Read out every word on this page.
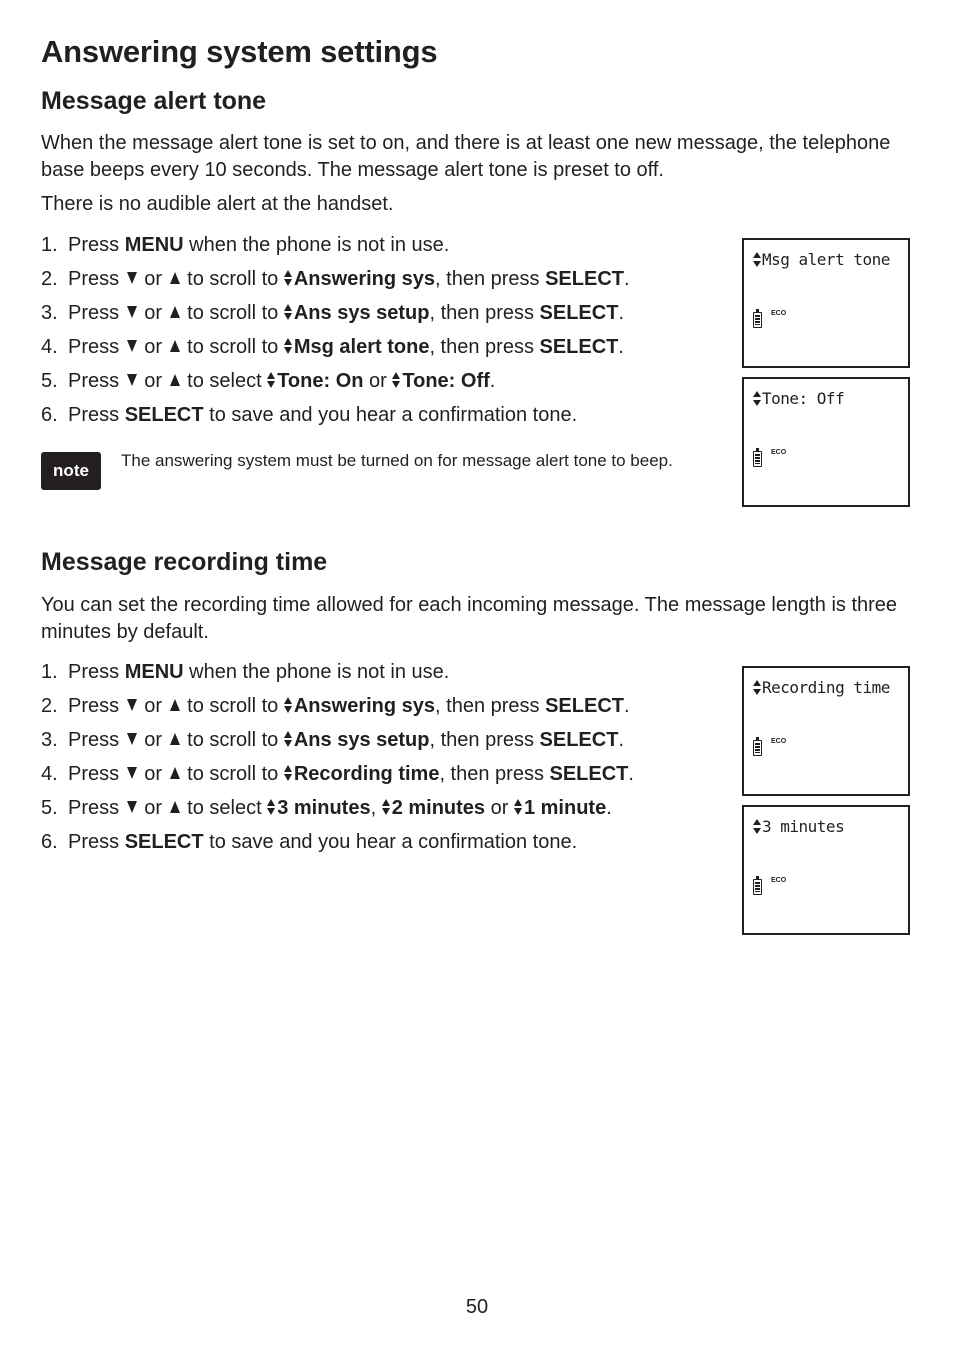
Answering system settings
Message alert tone

When the message alert tone is set to on, and there is at least one new message, the telephone base beeps every 10 seconds. The message alert tone is preset to off.

There is no audible alert at the handset.

1. Press MENU when the phone is not in use.
2. Press  or  to scroll to Answering sys, then press SELECT.
3. Press  or  to scroll to Ans sys setup, then press SELECT.
4. Press  or  to scroll to Msg alert tone, then press SELECT.
5. Press  or  to select Tone: On or Tone: Off.
6. Press SELECT to save and you hear a confirmation tone.
note
The answering system must be turned on for message alert tone to beep.
Msg alert tone
ECO
Tone: Off
ECO
Message recording time

You can set the recording time allowed for each incoming message. The message length is three minutes by default.

1. Press MENU when the phone is not in use.
2. Press  or  to scroll to Answering sys, then press SELECT.
3. Press  or  to scroll to Ans sys setup, then press SELECT.
4. Press  or  to scroll to Recording time, then press SELECT.
5. Press  or  to select 3 minutes, 2 minutes or 1 minute.
6. Press SELECT to save and you hear a confirmation tone.
Recording time
ECO
3 minutes
ECO
50
